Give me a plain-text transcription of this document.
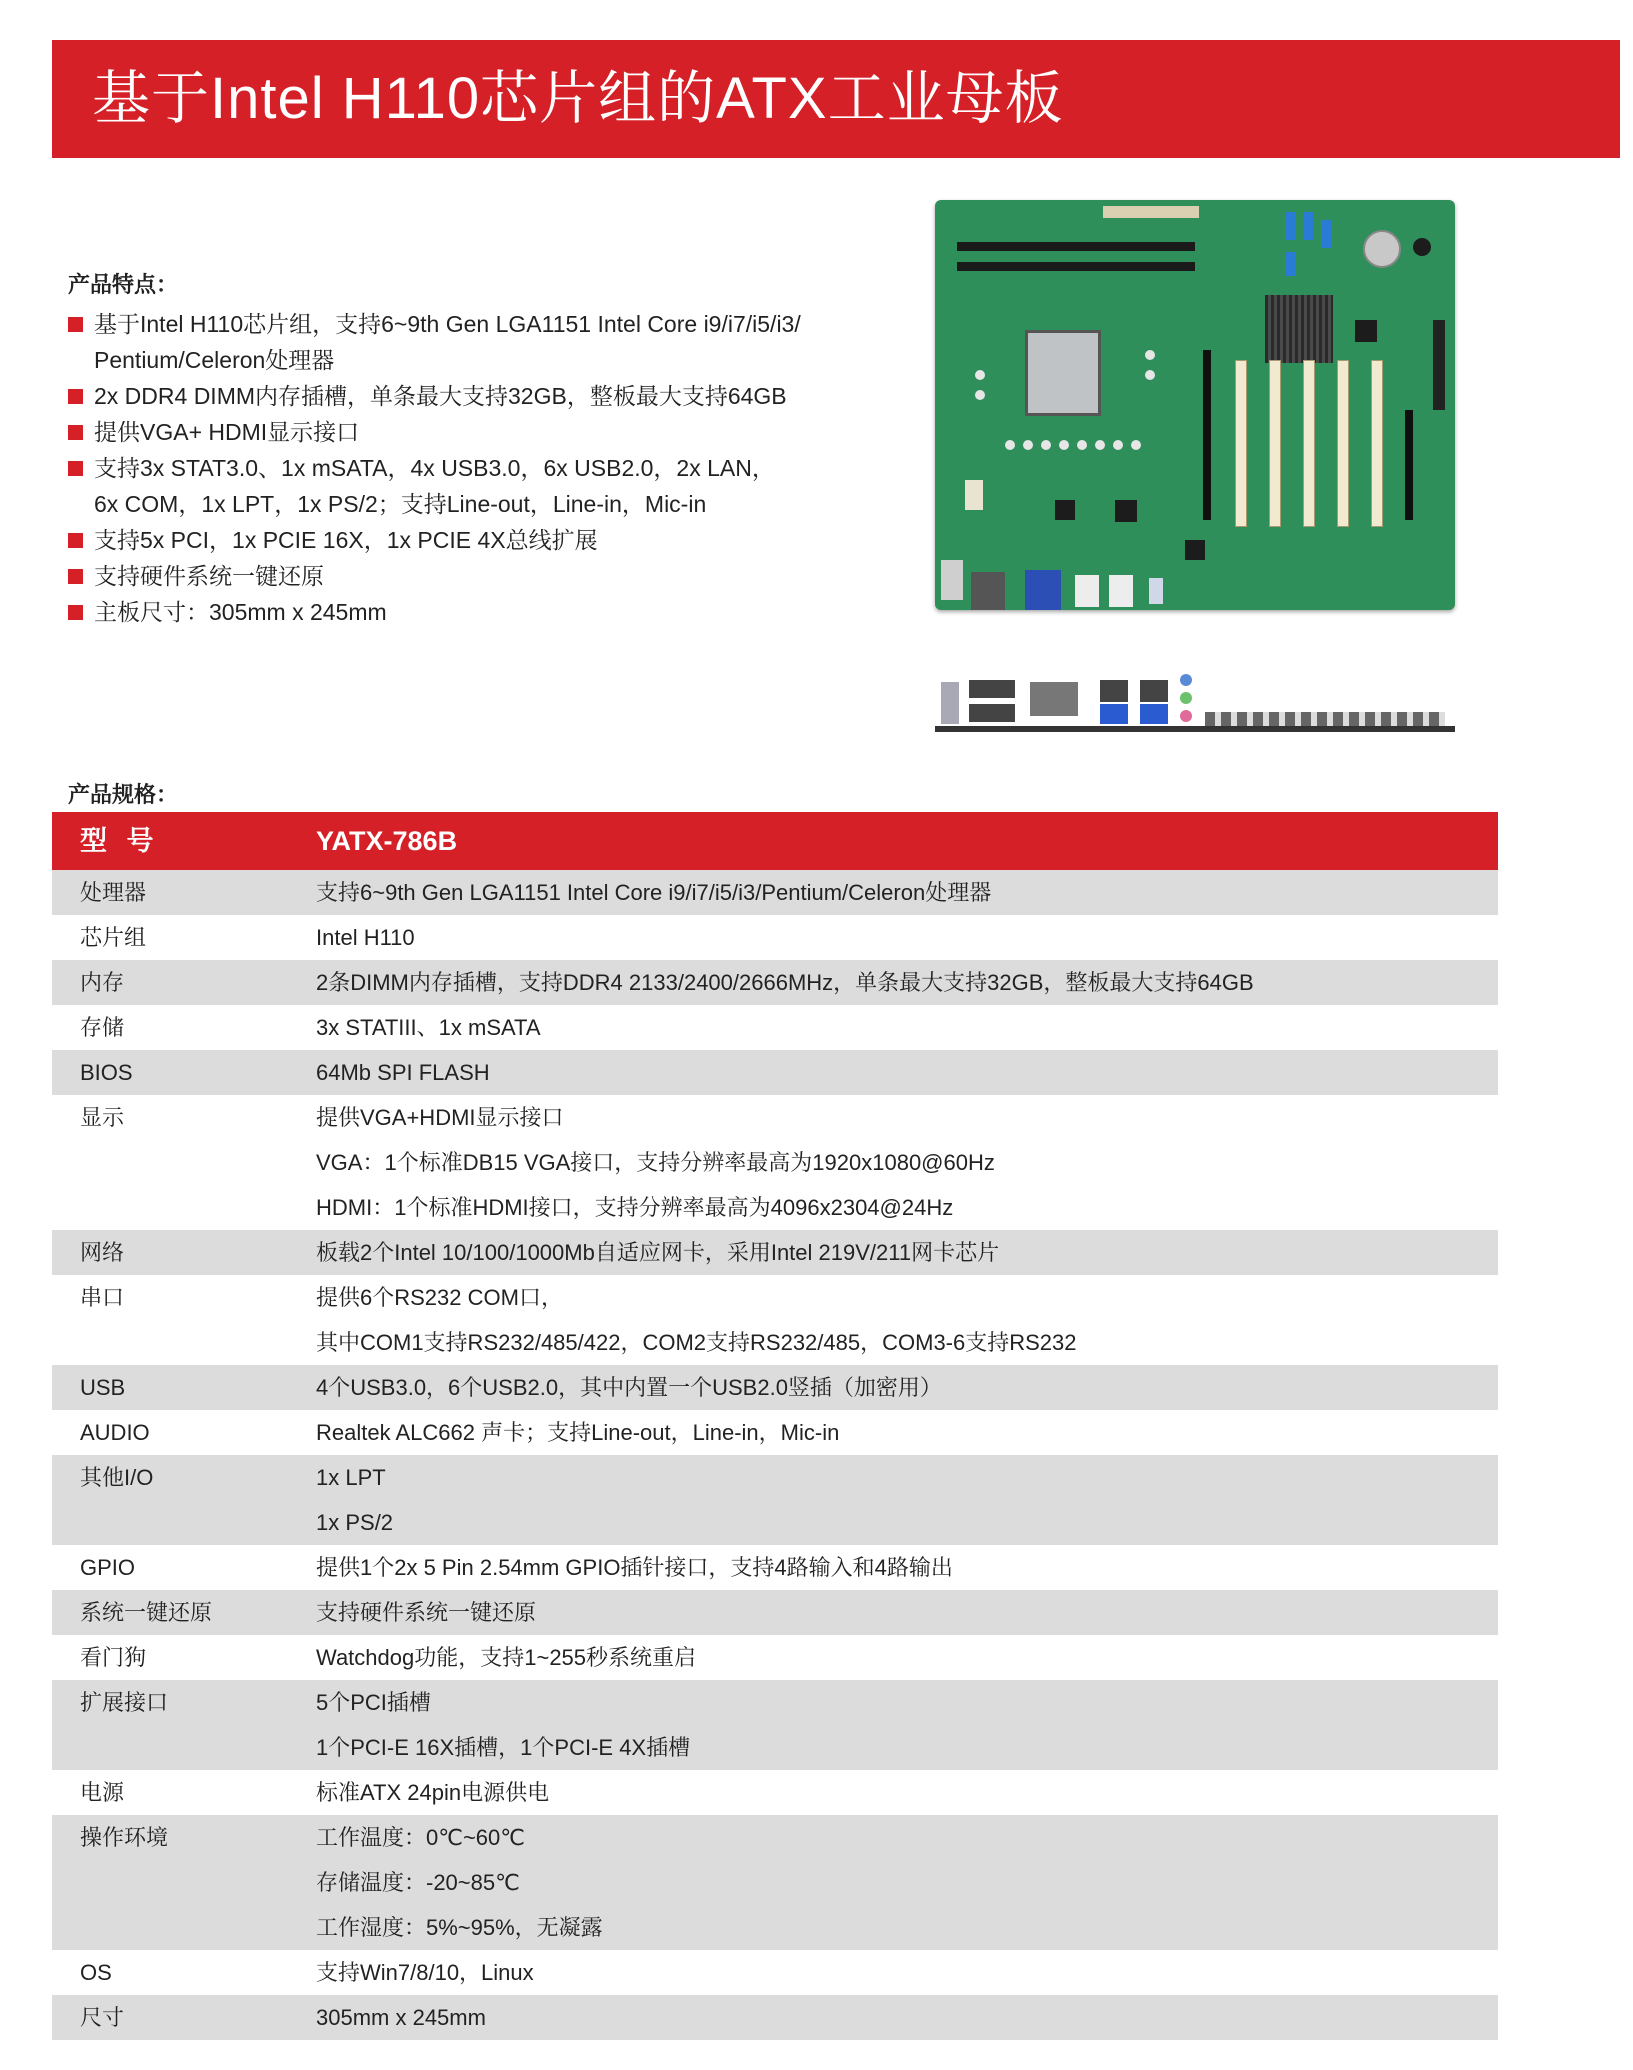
基于Intel H110芯片组的ATX工业母板
产品特点：
基于Intel H110芯片组，支持6~9th Gen LGA1151 Intel Core i9/i7/i5/i3/
Pentium/Celeron处理器
2x DDR4 DIMM内存插槽，单条最大支持32GB，整板最大支持64GB
提供VGA+ HDMI显示接口
支持3x STAT3.0、1x mSATA，4x USB3.0，6x USB2.0，2x LAN，
6x COM，1x LPT，1x PS/2；支持Line-out，Line-in，Mic-in
支持5x PCI，1x PCIE 16X，1x PCIE 4X总线扩展
支持硬件系统一键还原
主板尺寸：305mm x 245mm
产品规格：
型 号	YATX-786B
处理器	支持6~9th Gen LGA1151 Intel Core i9/i7/i5/i3/Pentium/Celeron处理器
芯片组	Intel H110
内存	2条DIMM内存插槽，支持DDR4 2133/2400/2666MHz，单条最大支持32GB，整板最大支持64GB
存储	3x STATIII、1x mSATA
BIOS	64Mb SPI FLASH
显示	提供VGA+HDMI显示接口
VGA：1个标准DB15 VGA接口，支持分辨率最高为1920x1080@60Hz
HDMI：1个标准HDMI接口，支持分辨率最高为4096x2304@24Hz
网络	板载2个Intel 10/100/1000Mb自适应网卡，采用Intel 219V/211网卡芯片
串口	提供6个RS232 COM口，
其中COM1支持RS232/485/422，COM2支持RS232/485，COM3-6支持RS232
USB	4个USB3.0，6个USB2.0，其中内置一个USB2.0竖插（加密用）
AUDIO	Realtek ALC662 声卡；支持Line-out，Line-in，Mic-in
其他I/O	1x LPT
1x PS/2
GPIO	提供1个2x 5 Pin 2.54mm GPIO插针接口，支持4路输入和4路输出
系统一键还原	支持硬件系统一键还原
看门狗	Watchdog功能，支持1~255秒系统重启
扩展接口	5个PCI插槽
1个PCI-E 16X插槽，1个PCI-E 4X插槽
电源	标准ATX 24pin电源供电
操作环境	工作温度：0℃~60℃
存储温度：-20~85℃
工作湿度：5%~95%，无凝露
OS	支持Win7/8/10，Linux
尺寸	305mm x 245mm
